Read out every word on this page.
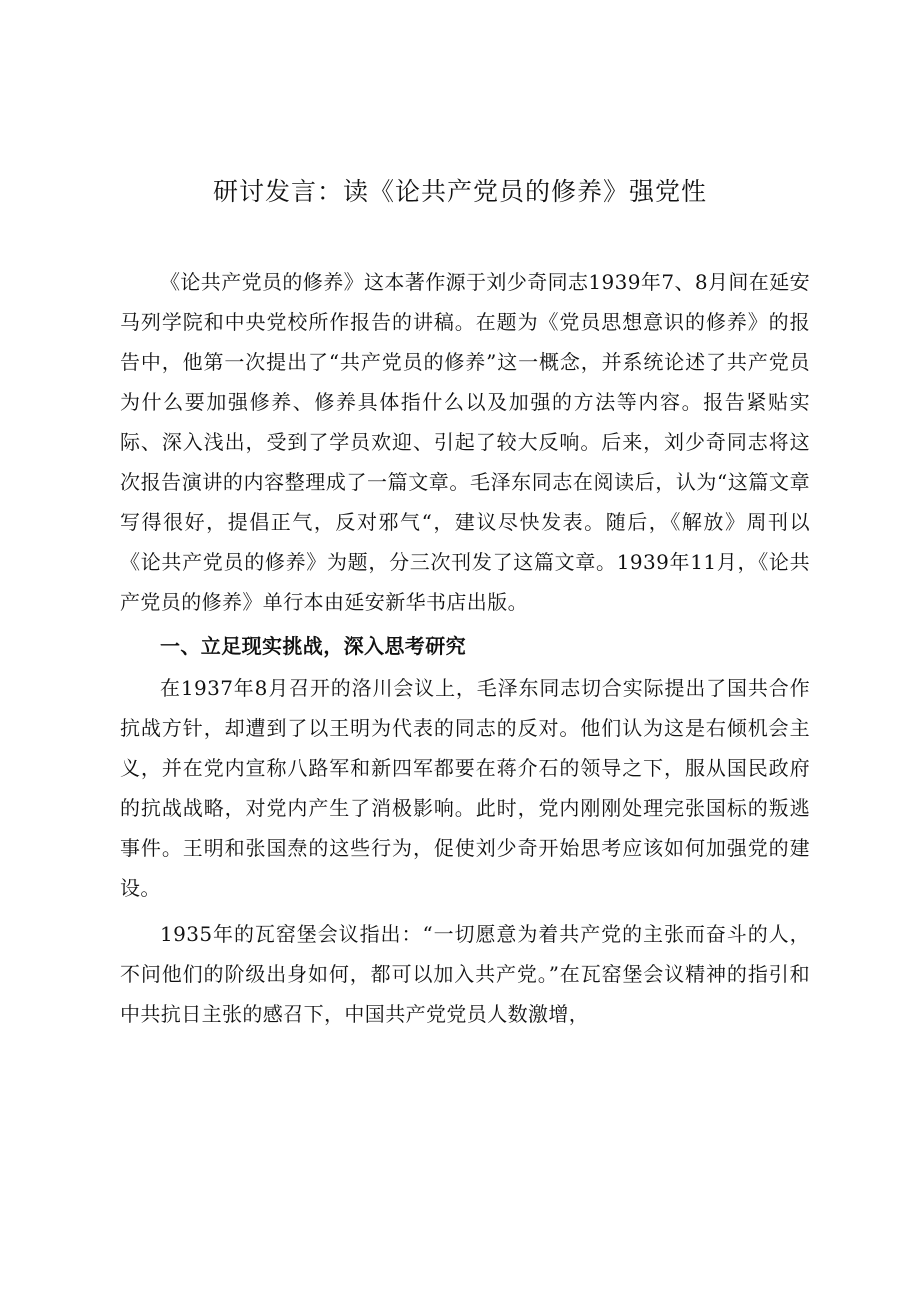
研讨发言：读《论共产党员的修养》强党性

《论共产党员的修养》这本著作源于刘少奇同志1939年7、8月间在延安马列学院和中央党校所作报告的讲稿。在题为《党员思想意识的修养》的报告中，他第一次提出了“共产党员的修养”这一概念，并系统论述了共产党员为什么要加强修养、修养具体指什么以及加强的方法等内容。报告紧贴实际、深入浅出，受到了学员欢迎、引起了较大反响。后来，刘少奇同志将这次报告演讲的内容整理成了一篇文章。毛泽东同志在阅读后，认为“这篇文章写得很好，提倡正气，反对邪气“，建议尽快发表。随后，《解放》周刊以《论共产党员的修养》为题，分三次刊发了这篇文章。1939年11月，《论共产党员的修养》单行本由延安新华书店出版。

一、立足现实挑战，深入思考研究

在1937年8月召开的洛川会议上，毛泽东同志切合实际提出了国共合作抗战方针，却遭到了以王明为代表的同志的反对。他们认为这是右倾机会主义，并在党内宣称八路军和新四军都要在蒋介石的领导之下，服从国民政府的抗战战略，对党内产生了消极影响。此时，党内刚刚处理完张国标的叛逃事件。王明和张国焘的这些行为，促使刘少奇开始思考应该如何加强党的建设。

1935年的瓦窑堡会议指出：“一切愿意为着共产党的主张而奋斗的人，不问他们的阶级出身如何，都可以加入共产党。”在瓦窑堡会议精神的指引和中共抗日主张的感召下，中国共产党党员人数激增，
